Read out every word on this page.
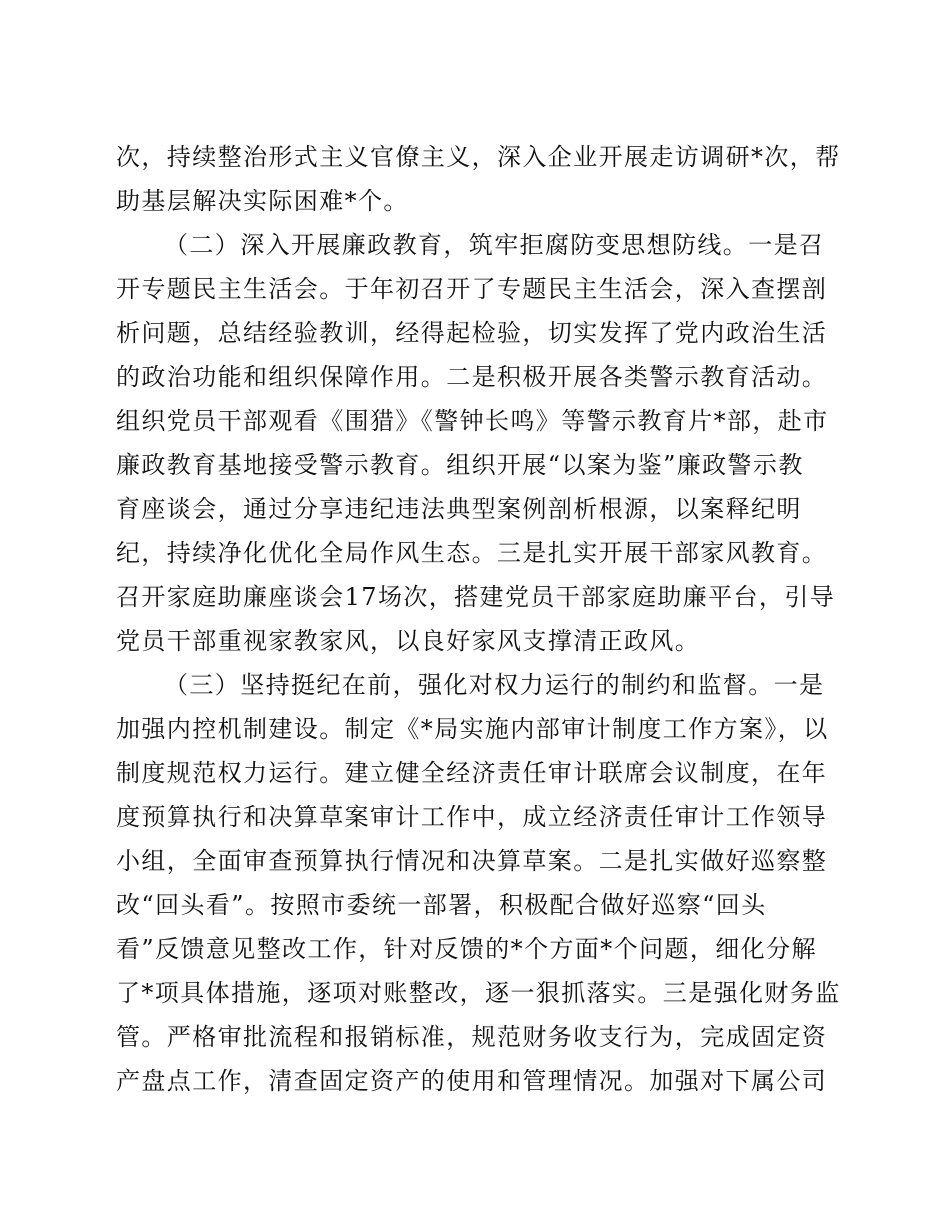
次，持续整治形式主义官僚主义，深入企业开展走访调研*次，帮
助基层解决实际困难*个。
（二）深入开展廉政教育，筑牢拒腐防变思想防线。一是召
开专题民主生活会。于年初召开了专题民主生活会，深入查摆剖
析问题，总结经验教训，经得起检验，切实发挥了党内政治生活
的政治功能和组织保障作用。二是积极开展各类警示教育活动。
组织党员干部观看《围猎》《警钟长鸣》等警示教育片*部，赴市
廉政教育基地接受警示教育。组织开展“以案为鉴”廉政警示教
育座谈会，通过分享违纪违法典型案例剖析根源，以案释纪明
纪，持续净化优化全局作风生态。三是扎实开展干部家风教育。
召开家庭助廉座谈会17场次，搭建党员干部家庭助廉平台，引导
党员干部重视家教家风，以良好家风支撑清正政风。
（三）坚持挺纪在前，强化对权力运行的制约和监督。一是
加强内控机制建设。制定《*局实施内部审计制度工作方案》，以
制度规范权力运行。建立健全经济责任审计联席会议制度，在年
度预算执行和决算草案审计工作中，成立经济责任审计工作领导
小组，全面审查预算执行情况和决算草案。二是扎实做好巡察整
改“回头看”。按照市委统一部署，积极配合做好巡察“回头
看”反馈意见整改工作，针对反馈的*个方面*个问题，细化分解
了*项具体措施，逐项对账整改，逐一狠抓落实。三是强化财务监
管。严格审批流程和报销标准，规范财务收支行为，完成固定资
产盘点工作，清查固定资产的使用和管理情况。加强对下属公司
